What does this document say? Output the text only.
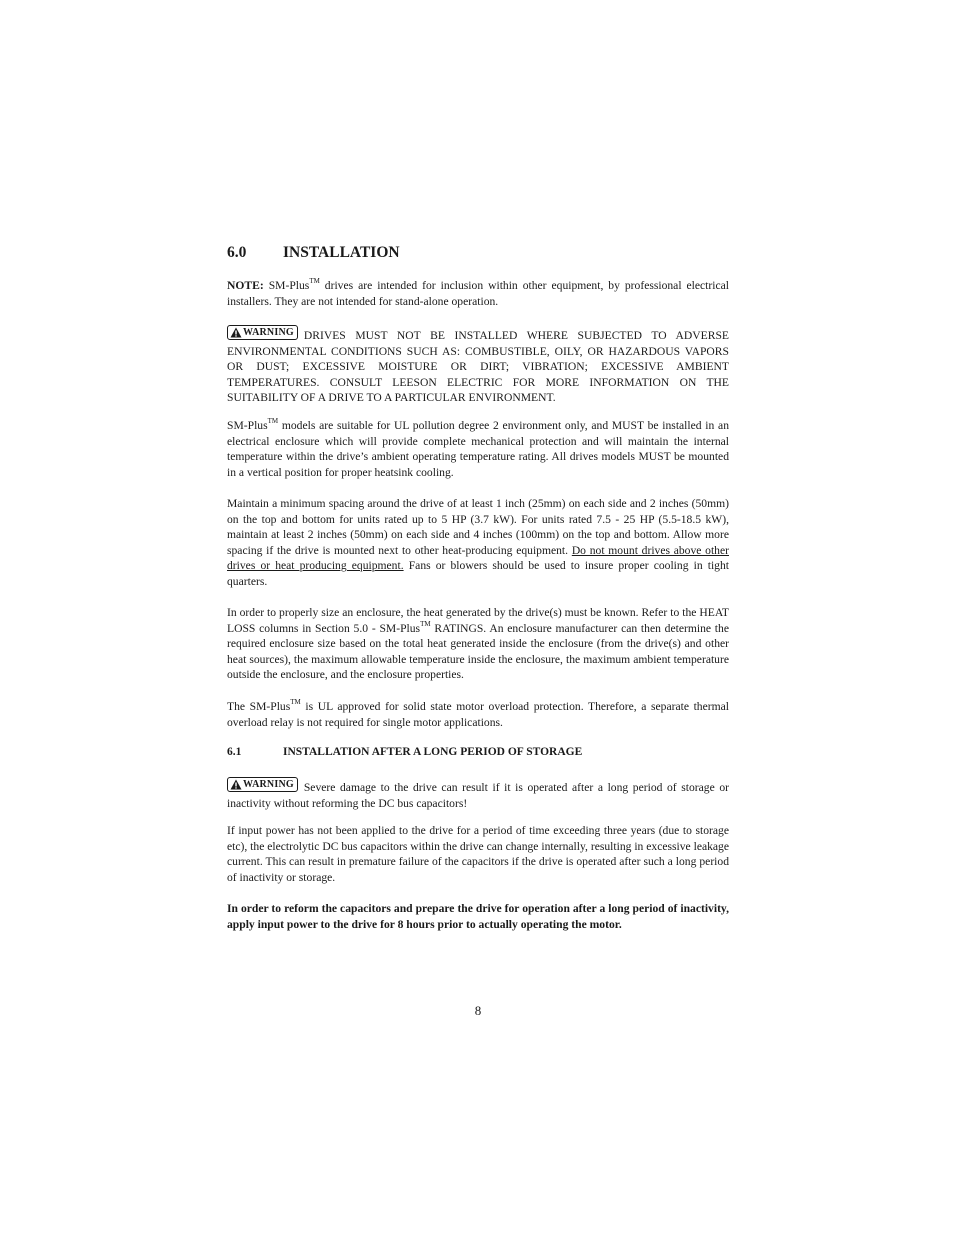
6.0 INSTALLATION

NOTE: SM-Plus™ drives are intended for inclusion within other equipment, by professional electrical installers. They are not intended for stand-alone operation.

WARNING DRIVES MUST NOT BE INSTALLED WHERE SUBJECTED TO ADVERSE ENVIRONMENTAL CONDITIONS SUCH AS: COMBUSTIBLE, OILY, OR HAZARDOUS VAPORS OR DUST; EXCESSIVE MOISTURE OR DIRT; VIBRATION; EXCESSIVE AMBIENT TEMPERATURES. CONSULT LEESON ELECTRIC FOR MORE INFORMATION ON THE SUITABILITY OF A DRIVE TO A PARTICULAR ENVIRONMENT.

SM-Plus™ models are suitable for UL pollution degree 2 environment only, and MUST be installed in an electrical enclosure which will provide complete mechanical protection and will maintain the internal temperature within the drive’s ambient operating temperature rating. All drives models MUST be mounted in a vertical position for proper heatsink cooling.

Maintain a minimum spacing around the drive of at least 1 inch (25mm) on each side and 2 inches (50mm) on the top and bottom for units rated up to 5 HP (3.7 kW). For units rated 7.5 - 25 HP (5.5-18.5 kW), maintain at least 2 inches (50mm) on each side and 4 inches (100mm) on the top and bottom. Allow more spacing if the drive is mounted next to other heat-producing equipment. Do not mount drives above other drives or heat producing equipment. Fans or blowers should be used to insure proper cooling in tight quarters.

In order to properly size an enclosure, the heat generated by the drive(s) must be known. Refer to the HEAT LOSS columns in Section 5.0 - SM-Plus™ RATINGS. An enclosure manufacturer can then determine the required enclosure size based on the total heat generated inside the enclosure (from the drive(s) and other heat sources), the maximum allowable temperature inside the enclosure, the maximum ambient temperature outside the enclosure, and the enclosure properties.

The SM-Plus™ is UL approved for solid state motor overload protection. Therefore, a separate thermal overload relay is not required for single motor applications.

6.1	INSTALLATION AFTER A LONG PERIOD OF STORAGE

WARNING Severe damage to the drive can result if it is operated after a long period of storage or inactivity without reforming the DC bus capacitors!

If input power has not been applied to the drive for a period of time exceeding three years (due to storage etc), the electrolytic DC bus capacitors within the drive can change internally, resulting in excessive leakage current. This can result in premature failure of the capacitors if the drive is operated after such a long period of inactivity or storage.

In order to reform the capacitors and prepare the drive for operation after a long period of inactivity, apply input power to the drive for 8 hours prior to actually operating the motor.

8
